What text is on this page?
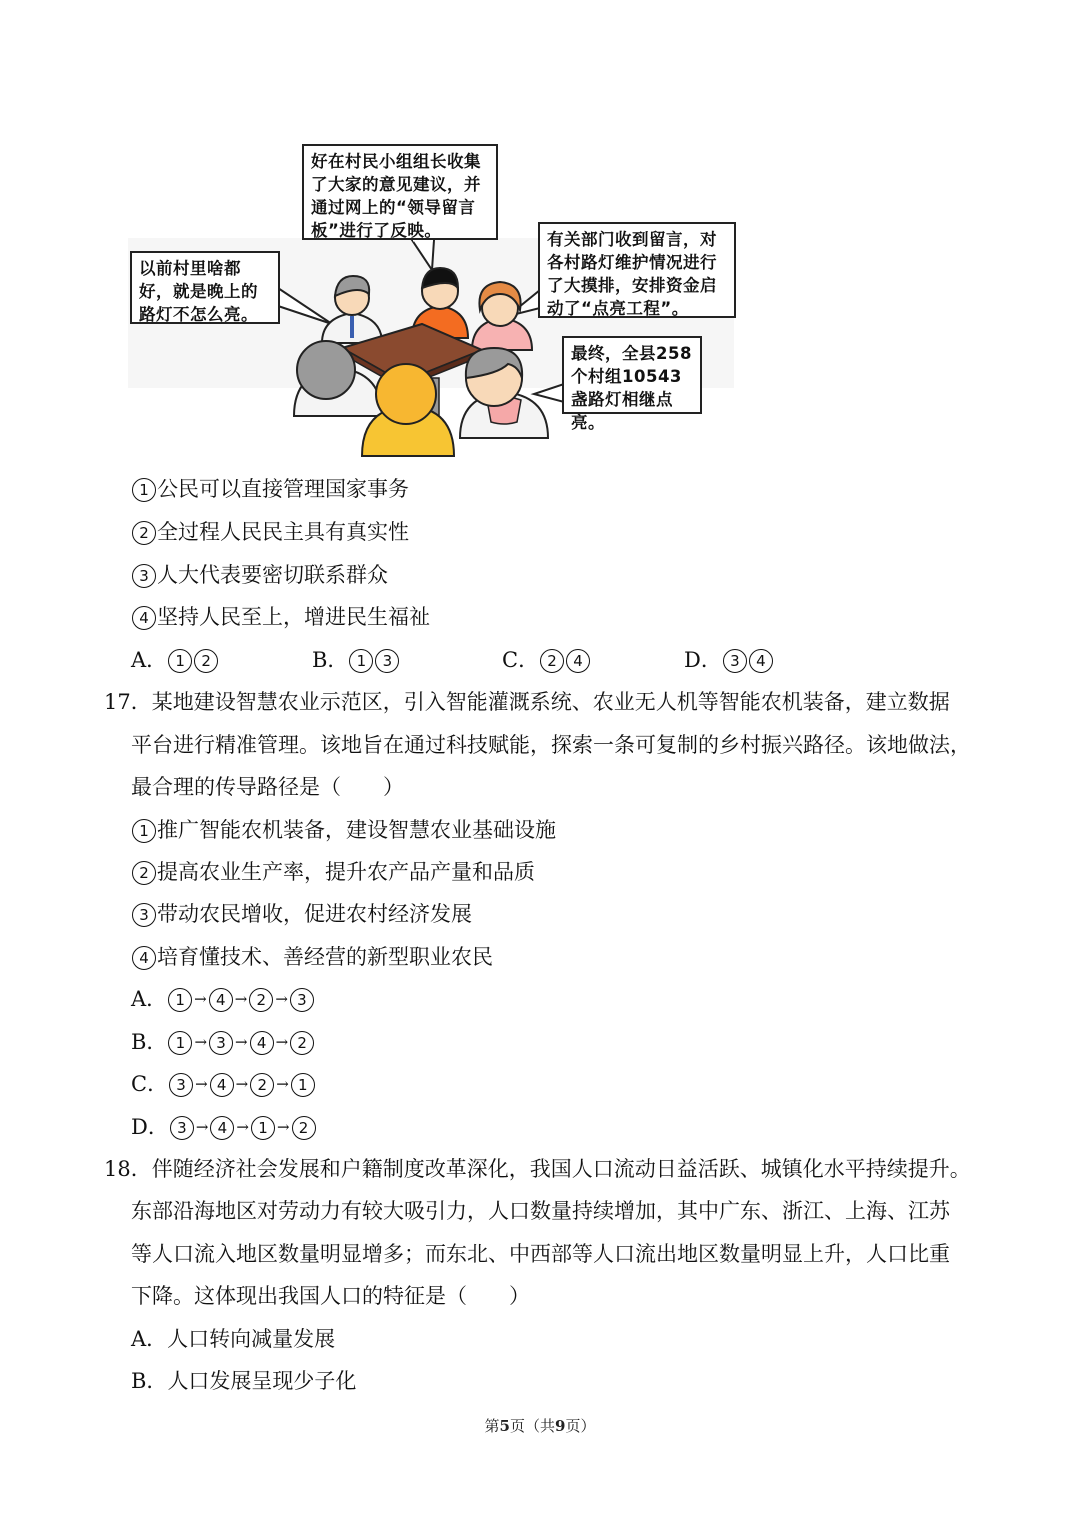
好在村民小组组长收集了大家的意见建议，并通过网上的“领导留言板”进行了反映。
以前村里啥都好，就是晚上的路灯不怎么亮。
有关部门收到留言，对各村路灯维护情况进行了大摸排，安排资金启动了“点亮工程”。
最终，全县258个村组10543盏路灯相继点亮。
1 公民可以直接管理国家事务
2 全过程人民民主具有真实性
3 人大代表要密切联系群众
4 坚持人民至上，增进民生福祉
A． 1 2	B． 1 3	C． 2 4	D． 3 4
17．某地建设智慧农业示范区，引入智能灌溉系统、农业无人机等智能农机装备，建立数据
平台进行精准管理。该地旨在通过科技赋能，探索一条可复制的乡村振兴路径。该地做法，
最合理的传导路径是（　　）
1 推广智能农机装备，建设智慧农业基础设施
2 提高农业生产率，提升农产品产量和品质
3 带动农民增收，促进农村经济发展
4 培育懂技术、善经营的新型职业农民
A． 1 → 4 → 2 → 3
B． 1 → 3 → 4 → 2
C． 3 → 4 → 2 → 1
D． 3 → 4 → 1 → 2
18．伴随经济社会发展和户籍制度改革深化，我国人口流动日益活跃、城镇化水平持续提升。
东部沿海地区对劳动力有较大吸引力，人口数量持续增加，其中广东、浙江、上海、江苏
等人口流入地区数量明显增多；而东北、中西部等人口流出地区数量明显上升，人口比重
下降。这体现出我国人口的特征是（　　）
A．人口转向减量发展
B．人口发展呈现少子化
第5页（共9页）
